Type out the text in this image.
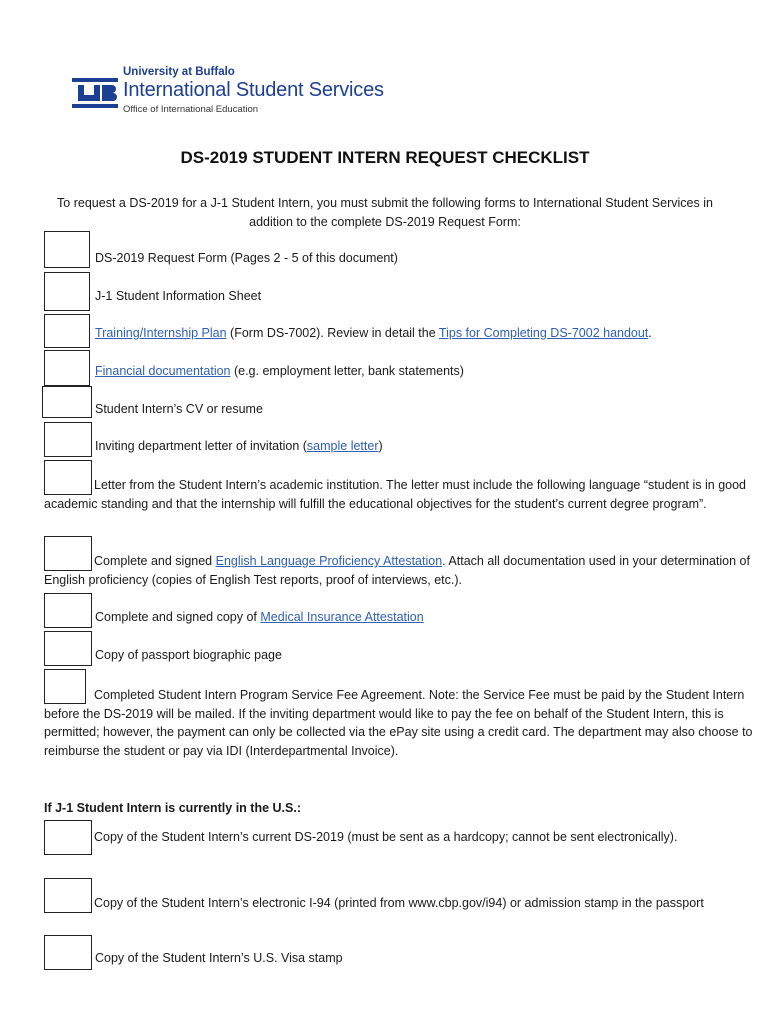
University at Buffalo
International Student Services
Office of International Education
DS-2019 STUDENT INTERN REQUEST CHECKLIST
To request a DS-2019 for a J-1 Student Intern, you must submit the following forms to International Student Services in addition to the complete DS-2019 Request Form:
DS-2019 Request Form (Pages 2 - 5 of this document)
J-1 Student Information Sheet
Training/Internship Plan (Form DS-7002). Review in detail the Tips for Completing DS-7002 handout.
Financial documentation (e.g. employment letter, bank statements)
Student Intern’s CV or resume
Inviting department letter of invitation (sample letter)
Letter from the Student Intern’s academic institution. The letter must include the following language “student is in good academic standing and that the internship will fulfill the educational objectives for the student’s current degree program”.
Complete and signed English Language Proficiency Attestation. Attach all documentation used in your determination of English proficiency (copies of English Test reports, proof of interviews, etc.).
Complete and signed copy of Medical Insurance Attestation
Copy of passport biographic page
Completed Student Intern Program Service Fee Agreement. Note: the Service Fee must be paid by the Student Intern before the DS-2019 will be mailed. If the inviting department would like to pay the fee on behalf of the Student Intern, this is permitted; however, the payment can only be collected via the ePay site using a credit card. The department may also choose to reimburse the student or pay via IDI (Interdepartmental Invoice).
If J-1 Student Intern is currently in the U.S.:
Copy of the Student Intern’s current DS-2019 (must be sent as a hardcopy; cannot be sent electronically).
Copy of the Student Intern’s electronic I-94 (printed from www.cbp.gov/i94) or admission stamp in the passport
Copy of the Student Intern’s U.S. Visa stamp
